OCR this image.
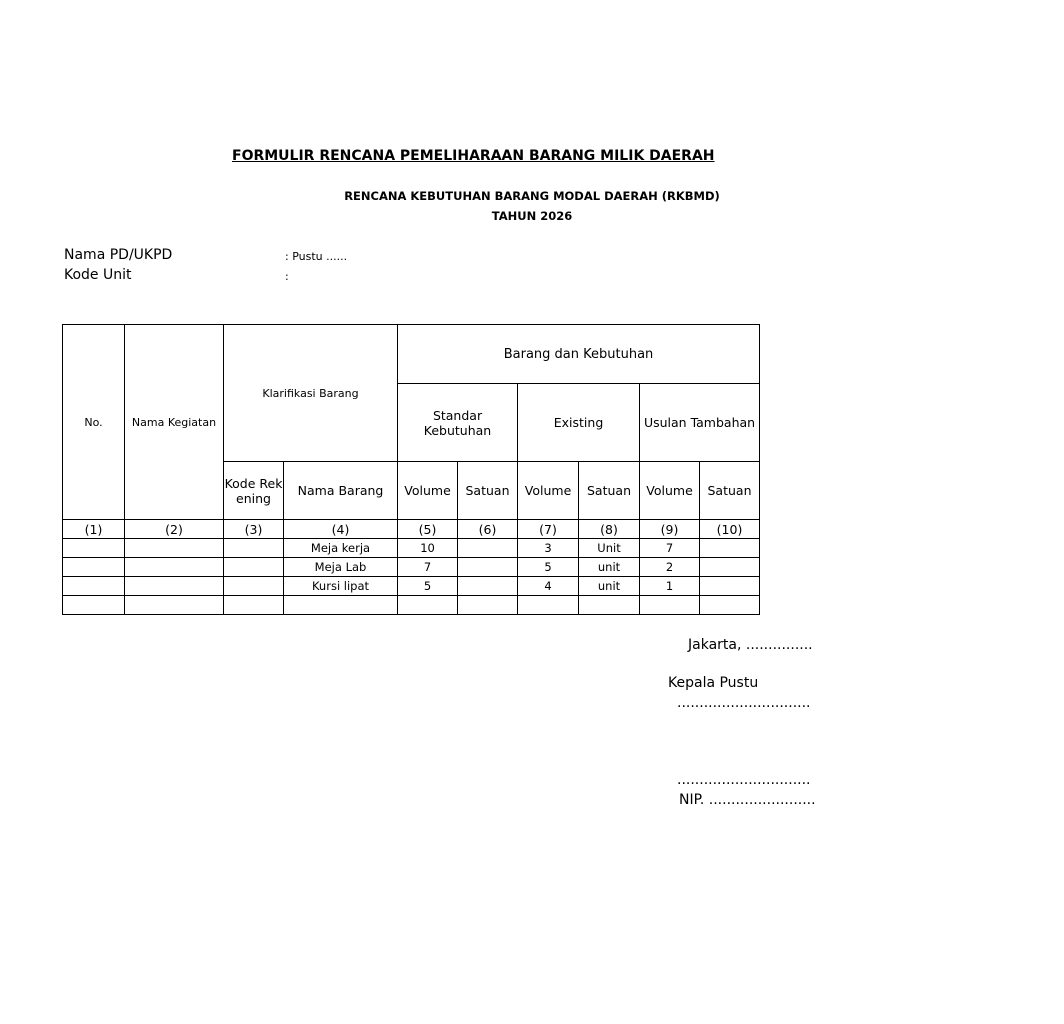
FORMULIR RENCANA PEMELIHARAAN BARANG MILIK DAERAH
RENCANA KEBUTUHAN BARANG MODAL DAERAH (RKBMD)
TAHUN 2026
Nama PD/UKPD	: Pustu ......
Kode Unit	:
No.	Nama Kegiatan	Klarifikasi Barang		Barang dan Kebutuhan						
				Standar Kebutuhan		Existing		Usulan Tambahan		
		Kode Rekening	Nama Barang	Volume	Satuan	Volume	Satuan	Volume	Satuan	
(1)	(2)	(3)	(4)	(5)	(6)	(7)	(8)	(9)	(10)	
			Meja kerja	10		3	Unit	7		
			Meja Lab	7		5	unit	2		
			Kursi lipat	5		4	unit	1		

Jakarta, ...............
Kepala Pustu
..............................
..............................
NIP. ........................
